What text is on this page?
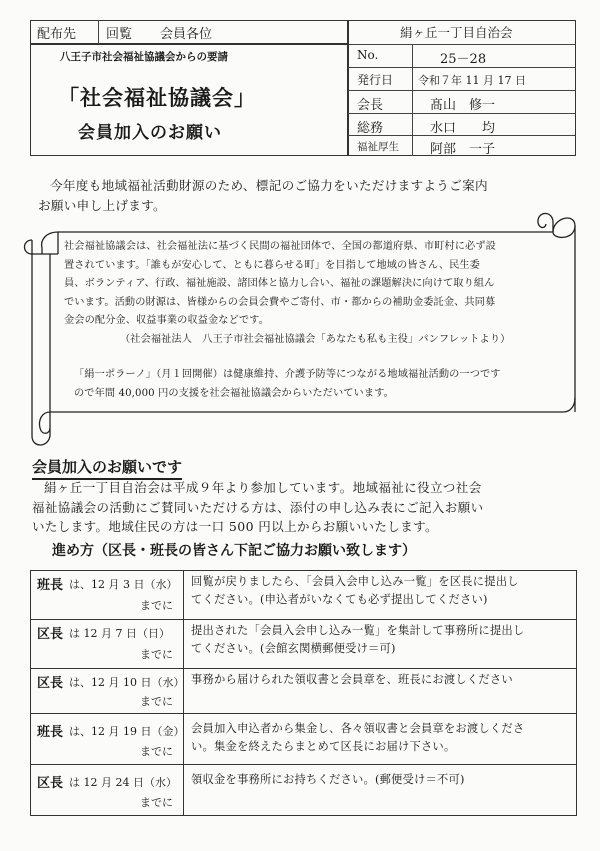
配布先 回覧 会員各位
八王子市社会福祉協議会からの要請
「社会福祉協議会」
会員加入のお願い
絹ヶ丘一丁目自治会
No.	25－28
発行日 令和７年 11 月 17 日
会長	髙山　修一
総務	水口　　均
福祉厚生 阿部　一子
今年度も地域福祉活動財源のため、標記のご協力をいただけますようご案内
お願い申し上げます。
社会福祉協議会は、社会福祉法に基づく民間の福祉団体で、全国の都道府県、市町村に必ず設
置されています。「誰もが安心して、ともに暮らせる町」を目指して地域の皆さん、民生委
員、ボランティア、行政、福祉施設、諸団体と協力し合い、福祉の課題解決に向けて取り組ん
でいます。活動の財源は、皆様からの会員会費やご寄付、市・都からの補助金委託金、共同募
金会の配分金、収益事業の収益金などです。
（社会福祉法人　八王子市社会福祉協議会「あなたも私も主役」パンフレットより）
「絹一ポラーノ」（月１回開催）は健康維持、介護予防等につながる地域福祉活動の一つです
ので年間 40,000 円の支援を社会福祉協議会からいただいています。
会員加入のお願いです
絹ヶ丘一丁目自治会は平成９年より参加しています。地域福祉に役立つ社会
福祉協議会の活動にご賛同いただける方は、添付の申し込み表にご記入お願い
いたします。地域住民の方は一口 500 円以上からお願いいたします。
進め方（区長・班長の皆さん下記ご協力お願い致します）
班長 は、12 月 3 日（水）
までに
回覧が戻りましたら、「会員入会申し込み一覧」を区長に提出し
てください。(申込者がいなくても必ず提出してください)
区長 は 12 月 7 日（日）
までに
提出された「会員入会申し込み一覧」を集計して事務所に提出し
てください。(会館玄関横郵便受け＝可)
区長 は、12 月 10 日（水）
までに
事務から届けられた領収書と会員章を、班長にお渡しください
班長 は、12 月 19 日（金）
までに
会員加入申込者から集金し、各々領収書と会員章をお渡しくださ
い。集金を終えたらまとめて区長にお届け下さい。
区長 は 12 月 24 日（水）
までに
領収金を事務所にお持ちください。(郵便受け＝不可)
